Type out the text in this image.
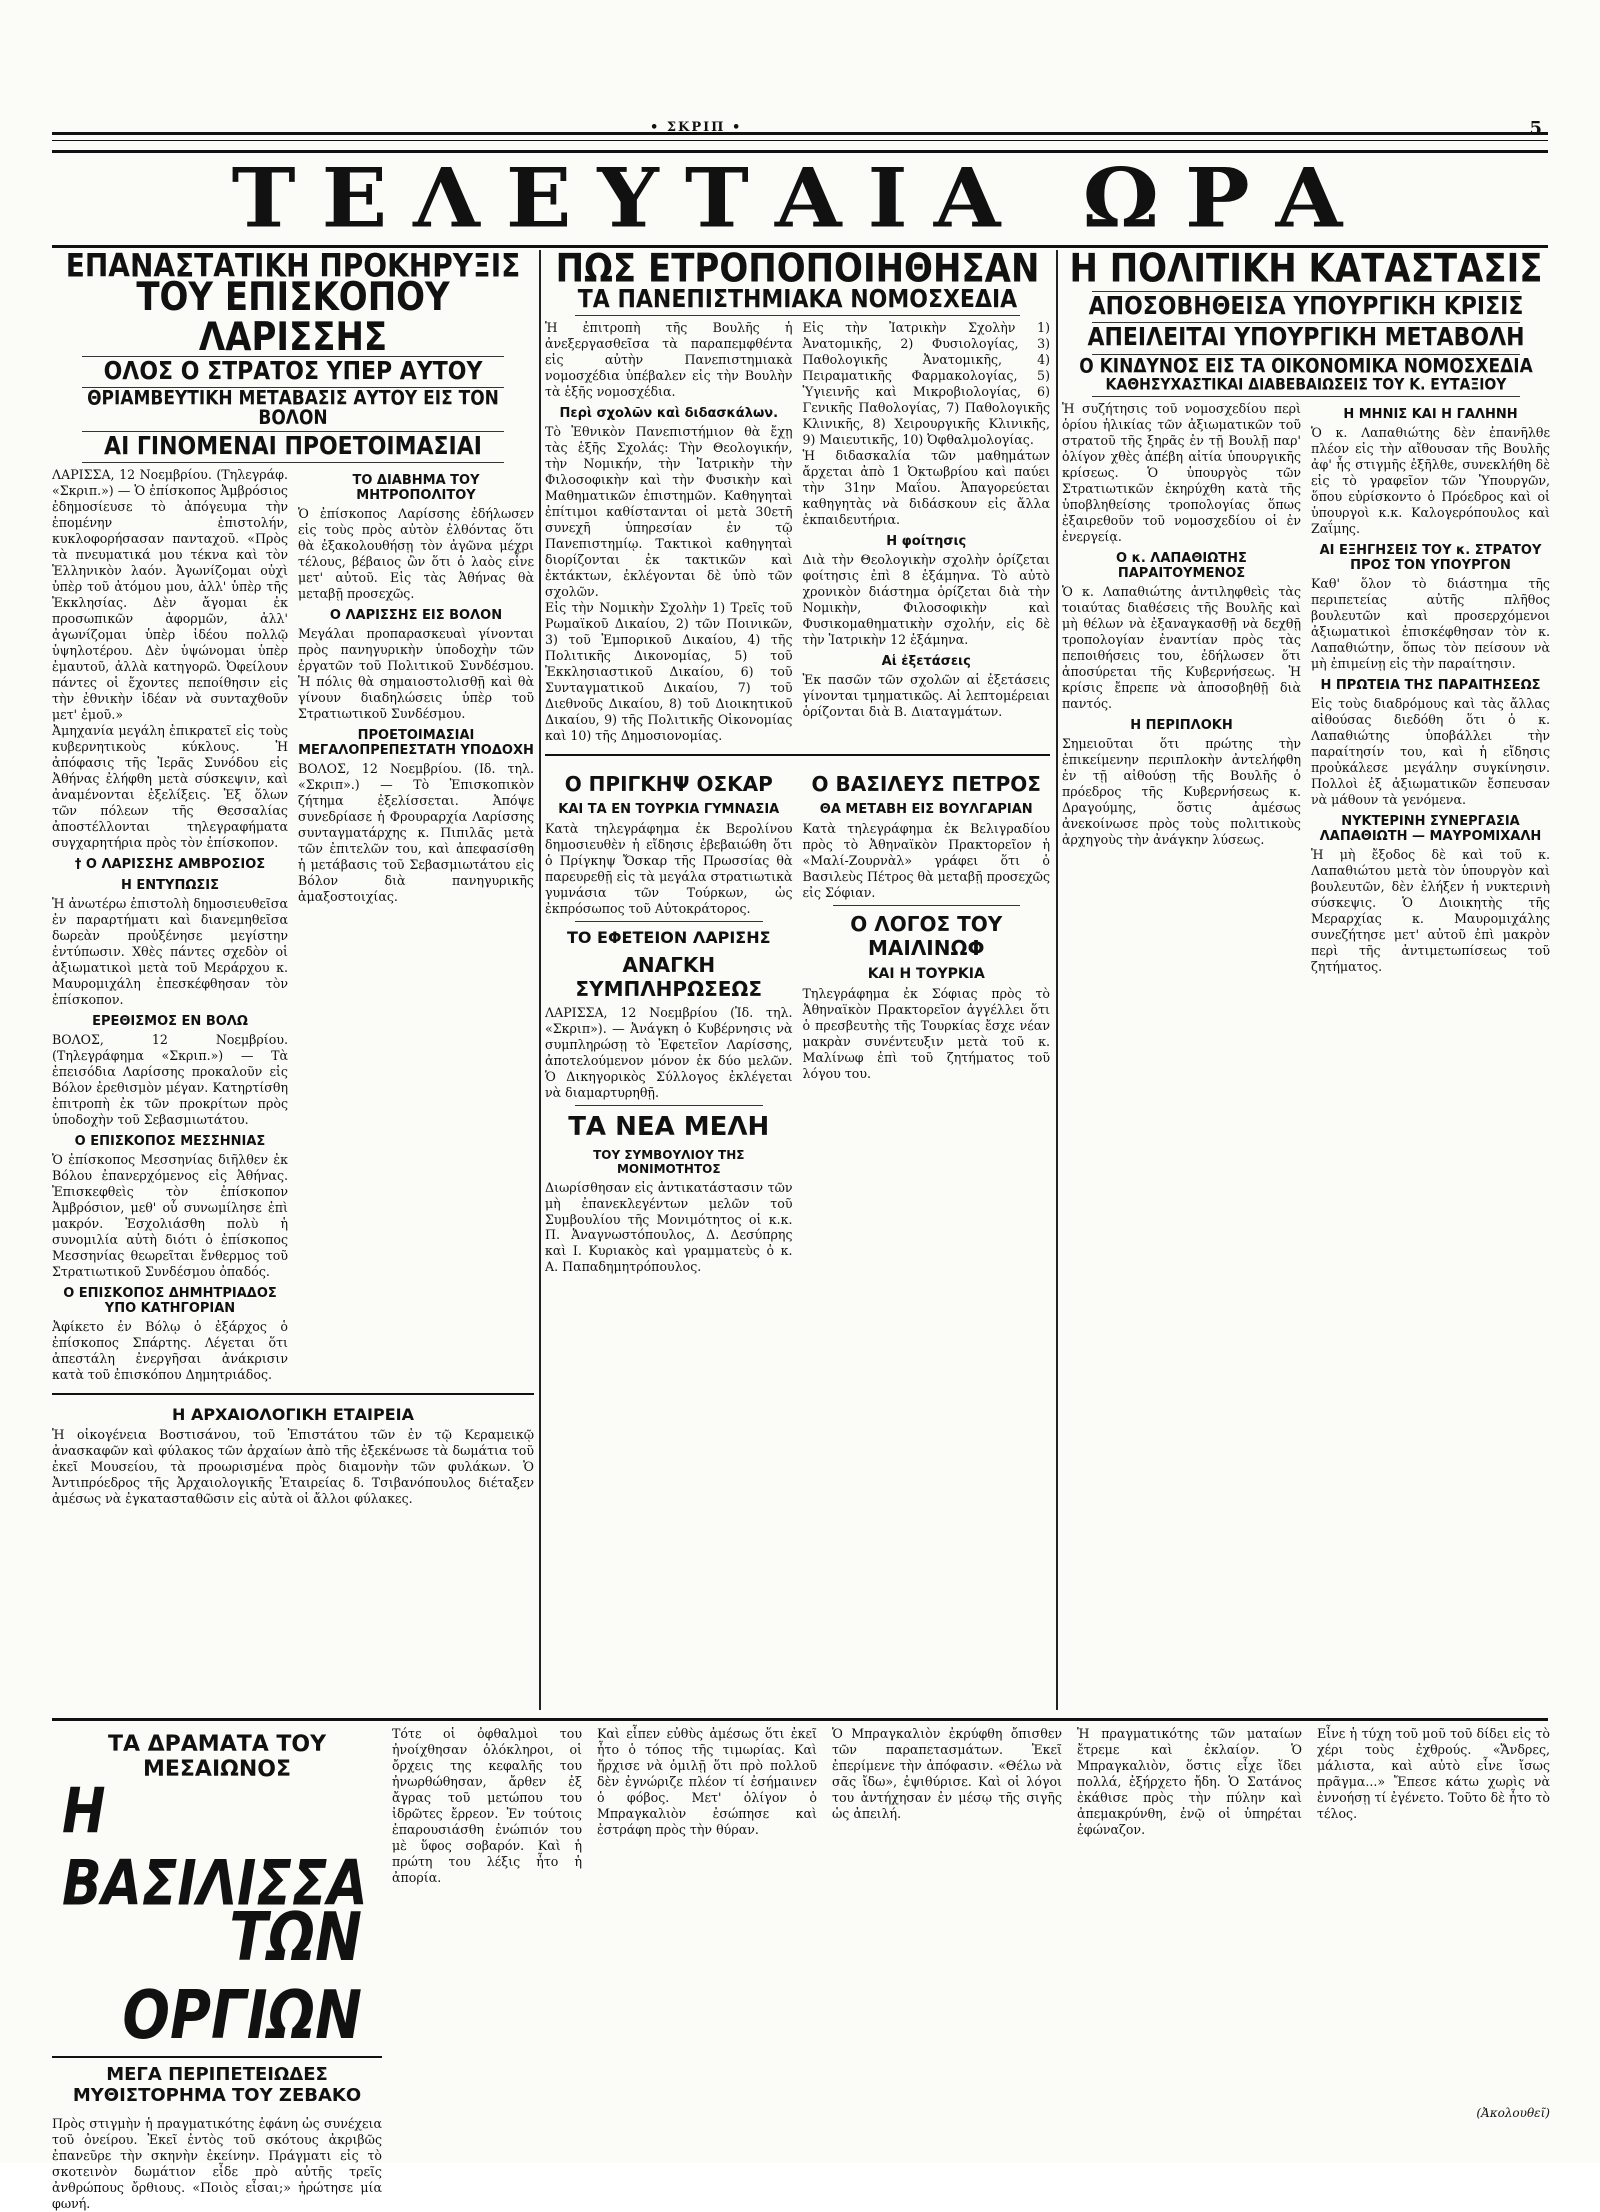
• ΣΚΡΙΠ •	5
ΤΕΛΕΥΤΑΙΑ ΩΡΑ
ΕΠΑΝΑΣΤΑΤΙΚΗ ΠΡΟΚΗΡΥΞΙΣ
ΤΟΥ ΕΠΙΣΚΟΠΟΥ ΛΑΡΙΣΣΗΣ
ΟΛΟΣ Ο ΣΤΡΑΤΟΣ ΥΠΕΡ ΑΥΤΟΥ
ΘΡΙΑΜΒΕΥΤΙΚΗ ΜΕΤΑΒΑΣΙΣ ΑΥΤΟΥ ΕΙΣ ΤΟΝ ΒΟΛΟΝ
ΑΙ ΓΙΝΟΜΕΝΑΙ ΠΡΟΕΤΟΙΜΑΣΙΑΙ

ΛΑΡΙΣΣΑ, 12 Νοεμβρίου. (Τηλεγράφ. «Σκριπ.») — Ὁ ἐπίσκοπος Ἀμβρόσιος ἐδημοσίευσε τὸ ἀπόγευμα τὴν ἑπομένην ἐπιστολήν, κυκλοφορήσασαν πανταχοῦ. «Πρὸς τὰ πνευματικά μου τέκνα καὶ τὸν Ἑλληνικὸν λαόν. Ἀγωνίζομαι οὐχὶ ὑπὲρ τοῦ ἀτόμου μου, ἀλλ' ὑπὲρ τῆς Ἐκκλησίας. Δὲν ἄγομαι ἐκ προσωπικῶν ἀφορμῶν, ἀλλ' ἀγωνίζομαι ὑπὲρ ἰδέου πολλῷ ὑψηλοτέρου. Δὲν ὑψώνομαι ὑπὲρ ἐμαυτοῦ, ἀλλὰ κατηγορῶ. Ὀφείλουν πάντες οἱ ἔχοντες πεποίθησιν εἰς τὴν ἐθνικὴν ἰδέαν νὰ συνταχθοῦν μετ' ἐμοῦ.»

Ἀμηχανία μεγάλη ἐπικρατεῖ εἰς τοὺς κυβερνητικοὺς κύκλους. Ἡ ἀπόφασις τῆς Ἱερᾶς Συνόδου εἰς Ἀθήνας ἐλήφθη μετὰ σύσκεψιν, καὶ ἀναμένονται ἐξελίξεις. Ἐξ ὅλων τῶν πόλεων τῆς Θεσσαλίας ἀποστέλλονται τηλεγραφήματα συγχαρητήρια πρὸς τὸν ἐπίσκοπον.

† Ο ΛΑΡΙΣΣΗΣ ΑΜΒΡΟΣΙΟΣ
Η ΕΝΤΥΠΩΣΙΣ

Ἡ ἀνωτέρω ἐπιστολὴ δημοσιευθεῖσα ἐν παραρτήματι καὶ διανεμηθεῖσα δωρεὰν προὐξένησε μεγίστην ἐντύπωσιν. Χθὲς πάντες σχεδὸν οἱ ἀξιωματικοὶ μετὰ τοῦ Μεράρχου κ. Μαυρομιχάλη ἐπεσκέφθησαν τὸν ἐπίσκοπον.

ΕΡΕΘΙΣΜΟΣ ΕΝ ΒΟΛΩ

ΒΟΛΟΣ, 12 Νοεμβρίου. (Τηλεγράφημα «Σκριπ.») — Τὰ ἐπεισόδια Λαρίσσης προκαλοῦν εἰς Βόλον ἐρεθισμὸν μέγαν. Κατηρτίσθη ἐπιτροπὴ ἐκ τῶν προκρίτων πρὸς ὑποδοχὴν τοῦ Σεβασμιωτάτου.

Ο ΕΠΙΣΚΟΠΟΣ ΜΕΣΣΗΝΙΑΣ

Ὁ ἐπίσκοπος Μεσσηνίας διῆλθεν ἐκ Βόλου ἐπανερχόμενος εἰς Ἀθήνας. Ἐπισκεφθεὶς τὸν ἐπίσκοπον Ἀμβρόσιον, μεθ' οὗ συνωμίλησε ἐπὶ μακρόν. Ἐσχολιάσθη πολὺ ἡ συνομιλία αὐτὴ διότι ὁ ἐπίσκοπος Μεσσηνίας θεωρεῖται ἔνθερμος τοῦ Στρατιωτικοῦ Συνδέσμου ὀπαδός.

Ο ΕΠΙΣΚΟΠΟΣ ΔΗΜΗΤΡΙΑΔΟΣ ΥΠΟ ΚΑΤΗΓΟΡΙΑΝ

Ἀφίκετο ἐν Βόλῳ ὁ ἐξάρχος ὁ ἐπίσκοπος Σπάρτης. Λέγεται ὅτι ἀπεστάλη ἐνεργῆσαι ἀνάκρισιν κατὰ τοῦ ἐπισκόπου Δημητριάδος.

ΤΟ ΔΙΑΒΗΜΑ ΤΟΥ ΜΗΤΡΟΠΟΛΙΤΟΥ

Ὁ ἐπίσκοπος Λαρίσσης ἐδήλωσεν εἰς τοὺς πρὸς αὐτὸν ἐλθόντας ὅτι θὰ ἐξακολουθήσῃ τὸν ἀγῶνα μέχρι τέλους, βέβαιος ὢν ὅτι ὁ λαὸς εἶνε μετ' αὐτοῦ. Εἰς τὰς Ἀθήνας θὰ μεταβῇ προσεχῶς.

Ο ΛΑΡΙΣΣΗΣ ΕΙΣ ΒΟΛΟΝ

Μεγάλαι προπαρασκευαὶ γίνονται πρὸς πανηγυρικὴν ὑποδοχὴν τῶν ἐργατῶν τοῦ Πολιτικοῦ Συνδέσμου. Ἡ πόλις θὰ σημαιοστολισθῇ καὶ θὰ γίνουν διαδηλώσεις ὑπὲρ τοῦ Στρατιωτικοῦ Συνδέσμου.

ΠΡΟΕΤΟΙΜΑΣΙΑΙ ΜΕΓΑΛΟΠΡΕΠΕΣΤΑΤΗ ΥΠΟΔΟΧΗ

ΒΟΛΟΣ, 12 Νοεμβρίου. (Ιδ. τηλ. «Σκριπ».) — Τὸ Ἐπισκοπικὸν ζήτημα ἐξελίσσεται. Ἀπόψε συνεδρίασε ἡ Φρουραρχία Λαρίσσης συνταγματάρχης κ. Πιπιλᾶς μετὰ τῶν ἐπιτελῶν του, καὶ ἀπεφασίσθη ἡ μετάβασις τοῦ Σεβασμιωτάτου εἰς Βόλον διὰ πανηγυρικῆς ἀμαξοστοιχίας.

Η ΑΡΧΑΙΟΛΟΓΙΚΗ ΕΤΑΙΡΕΙΑ

Ἡ οἰκογένεια Βοστισάνου, τοῦ Ἐπιστάτου τῶν ἐν τῷ Κεραμεικῷ ἀνασκαφῶν καὶ φύλακος τῶν ἀρχαίων ἀπὸ τῆς ἐξεκένωσε τὰ δωμάτια τοῦ ἐκεῖ Μουσείου, τὰ προωρισμένα πρὸς διαμονὴν τῶν φυλάκων. Ὁ Ἀντιπρόεδρος τῆς Ἀρχαιολογικῆς Ἑταιρείας δ. Τσιβανόπουλος διέταξεν ἀμέσως νὰ ἐγκατασταθῶσιν εἰς αὐτὰ οἱ ἄλλοι φύλακες.

ΠΩΣ ΕΤΡΟΠΟΠΟΙΗΘΗΣΑΝ
ΤΑ ΠΑΝΕΠΙΣΤΗΜΙΑΚΑ ΝΟΜΟΣΧΕΔΙΑ

Ἡ ἐπιτροπὴ τῆς Βουλῆς ἡ ἀνεξεργασθεῖσα τὰ παραπεμφθέντα εἰς αὐτὴν Πανεπιστημιακὰ νομοσχέδια ὑπέβαλεν εἰς τὴν Βουλὴν τὰ ἑξῆς νομοσχέδια.

Περὶ σχολῶν καὶ διδασκάλων.

Τὸ Ἐθνικὸν Πανεπιστήμιον θὰ ἔχῃ τὰς ἑξῆς Σχολάς: Τὴν Θεολογικήν, τὴν Νομικήν, τὴν Ἰατρικὴν τὴν Φιλοσοφικὴν καὶ τὴν Φυσικὴν καὶ Μαθηματικῶν ἐπιστημῶν. Καθηγηταὶ ἐπίτιμοι καθίστανται οἱ μετὰ 30ετῆ συνεχῆ ὑπηρεσίαν ἐν τῷ Πανεπιστημίῳ. Τακτικοὶ καθηγηταὶ διορίζονται ἐκ τακτικῶν καὶ ἐκτάκτων, ἐκλέγονται δὲ ὑπὸ τῶν σχολῶν.

Εἰς τὴν Νομικὴν Σχολὴν 1) Τρεῖς τοῦ Ρωμαϊκοῦ Δικαίου, 2) τῶν Ποινικῶν, 3) τοῦ Ἐμπορικοῦ Δικαίου, 4) τῆς Πολιτικῆς Δικονομίας, 5) τοῦ Ἐκκλησιαστικοῦ Δικαίου, 6) τοῦ Συνταγματικοῦ Δικαίου, 7) τοῦ Διεθνοῦς Δικαίου, 8) τοῦ Διοικητικοῦ Δικαίου, 9) τῆς Πολιτικῆς Οἰκονομίας καὶ 10) τῆς Δημοσιονομίας.

Εἰς τὴν Ἰατρικὴν Σχολὴν 1) Ἀνατομικῆς, 2) Φυσιολογίας, 3) Παθολογικῆς Ἀνατομικῆς, 4) Πειραματικῆς Φαρμακολογίας, 5) Ὑγιεινῆς καὶ Μικροβιολογίας, 6) Γενικῆς Παθολογίας, 7) Παθολογικῆς Κλινικῆς, 8) Χειρουργικῆς Κλινικῆς, 9) Μαιευτικῆς, 10) Ὀφθαλμολογίας.

Ἡ διδασκαλία τῶν μαθημάτων ἄρχεται ἀπὸ 1 Ὀκτωβρίου καὶ παύει τὴν 31ην Μαΐου. Ἀπαγορεύεται καθηγητὰς νὰ διδάσκουν εἰς ἄλλα ἐκπαιδευτήρια.

Η φοίτησις

Διὰ τὴν Θεολογικὴν σχολὴν ὁρίζεται φοίτησις ἐπὶ 8 ἑξάμηνα. Τὸ αὐτὸ χρονικὸν διάστημα ὁρίζεται διὰ τὴν Νομικὴν, Φιλοσοφικὴν καὶ Φυσικομαθηματικὴν σχολήν, εἰς δὲ τὴν Ἰατρικὴν 12 ἑξάμηνα.

Αἱ ἐξετάσεις

Ἐκ πασῶν τῶν σχολῶν αἱ ἐξετάσεις γίνονται τμηματικῶς. Αἱ λεπτομέρειαι ὁρίζονται διὰ Β. Διαταγμάτων.

Ο ΠΡΙΓΚΗΨ ΟΣΚΑΡ
ΚΑΙ ΤΑ ΕΝ ΤΟΥΡΚΙΑ ΓΥΜΝΑΣΙΑ

Κατὰ τηλεγράφημα ἐκ Βερολίνου δημοσιευθὲν ἡ εἴδησις ἐβεβαιώθη ὅτι ὁ Πρίγκηψ Ὄσκαρ τῆς Πρωσσίας θὰ παρευρεθῇ εἰς τὰ μεγάλα στρατιωτικὰ γυμνάσια τῶν Τούρκων, ὡς ἐκπρόσωπος τοῦ Αὐτοκράτορος.

ΤΟ ΕΦΕΤΕΙΟΝ ΛΑΡΙΣΗΣ
ΑΝΑΓΚΗ ΣΥΜΠΛΗΡΩΣΕΩΣ

ΛΑΡΙΣΣΑ, 12 Νοεμβρίου (Ἰδ. τηλ. «Σκριπ»). — Ἀνάγκη ὁ Κυβέρνησις νὰ συμπληρώσῃ τὸ Ἐφετεῖον Λαρίσσης, ἀποτελούμενον μόνον ἐκ δύο μελῶν. Ὁ Δικηγορικὸς Σύλλογος ἐκλέγεται νὰ διαμαρτυρηθῇ.

ΤΑ ΝΕΑ ΜΕΛΗ
ΤΟΥ ΣΥΜΒΟΥΛΙΟΥ ΤΗΣ ΜΟΝΙΜΟΤΗΤΟΣ

Διωρίσθησαν εἰς ἀντικατάστασιν τῶν μὴ ἐπανεκλεγέντων μελῶν τοῦ Συμβουλίου τῆς Μονιμότητος οἱ κ.κ. Π. Ἀναγνωστόπουλος, Δ. Δεσύπρης καὶ Ι. Κυριακὸς καὶ γραμματεὺς ὁ κ. Α. Παπαδημητρόπουλος.

Ο ΒΑΣΙΛΕΥΣ ΠΕΤΡΟΣ
ΘΑ ΜΕΤΑΒΗ ΕΙΣ ΒΟΥΛΓΑΡΙΑΝ

Κατὰ τηλεγράφημα ἐκ Βελιγραδίου πρὸς τὸ Ἀθηναϊκὸν Πρακτορεῖον ἡ «Μαλί-Ζουρνὰλ» γράφει ὅτι ὁ Βασιλεὺς Πέτρος θὰ μεταβῇ προσεχῶς εἰς Σόφιαν.

Ο ΛΟΓΟΣ ΤΟΥ ΜΑΙΛΙΝΩΦ
ΚΑΙ Η ΤΟΥΡΚΙΑ

Τηλεγράφημα ἐκ Σόφιας πρὸς τὸ Ἀθηναϊκὸν Πρακτορεῖον ἀγγέλλει ὅτι ὁ πρεσβευτὴς τῆς Τουρκίας ἔσχε νέαν μακρὰν συνέντευξιν μετὰ τοῦ κ. Μαλίνωφ ἐπὶ τοῦ ζητήματος τοῦ λόγου του.

Η ΠΟΛΙΤΙΚΗ ΚΑΤΑΣΤΑΣΙΣ
ΑΠΟΣΟΒΗΘΕΙΣΑ ΥΠΟΥΡΓΙΚΗ ΚΡΙΣΙΣ
ΑΠΕΙΛΕΙΤΑΙ ΥΠΟΥΡΓΙΚΗ ΜΕΤΑΒΟΛΗ
Ο ΚΙΝΔΥΝΟΣ ΕΙΣ ΤΑ ΟΙΚΟΝΟΜΙΚΑ ΝΟΜΟΣΧΕΔΙΑ
ΚΑΘΗΣΥΧΑΣΤΙΚΑΙ ΔΙΑΒΕΒΑΙΩΣΕΙΣ ΤΟΥ Κ. ΕΥΤΑΞΙΟΥ

Ἡ συζήτησις τοῦ νομοσχεδίου περὶ ὁρίου ἡλικίας τῶν ἀξιωματικῶν τοῦ στρατοῦ τῆς ξηρᾶς ἐν τῇ Βουλῇ παρ' ὀλίγον χθὲς ἀπέβη αἰτία ὑπουργικῆς κρίσεως. Ὁ ὑπουργὸς τῶν Στρατιωτικῶν ἐκηρύχθη κατὰ τῆς ὑποβληθείσης τροπολογίας ὅπως ἐξαιρεθοῦν τοῦ νομοσχεδίου οἱ ἐν ἐνεργείᾳ.

Ο κ. ΛΑΠΑΘΙΩΤΗΣ ΠΑΡΑΙΤΟΥΜΕΝΟΣ

Ὁ κ. Λαπαθιώτης ἀντιληφθεὶς τὰς τοιαύτας διαθέσεις τῆς Βουλῆς καὶ μὴ θέλων νὰ ἐξαναγκασθῇ νὰ δεχθῇ τροπολογίαν ἐναντίαν πρὸς τὰς πεποιθήσεις του, ἐδήλωσεν ὅτι ἀποσύρεται τῆς Κυβερνήσεως. Ἡ κρίσις ἔπρεπε νὰ ἀποσοβηθῇ διὰ παντός.

Η ΠΕΡΙΠΛΟΚΗ

Σημειοῦται ὅτι πρώτης τὴν ἐπικείμενην περιπλοκὴν ἀντελήφθη ἐν τῇ αἰθούσῃ τῆς Βουλῆς ὁ πρόεδρος τῆς Κυβερνήσεως κ. Δραγούμης, ὅστις ἀμέσως ἀνεκοίνωσε πρὸς τοὺς πολιτικοὺς ἀρχηγοὺς τὴν ἀνάγκην λύσεως.

Η ΜΗΝΙΣ ΚΑΙ Η ΓΑΛΗΝΗ

Ὁ κ. Λαπαθιώτης δὲν ἐπανῆλθε πλέον εἰς τὴν αἴθουσαν τῆς Βουλῆς ἀφ' ἧς στιγμῆς ἐξῆλθε, συνεκλήθη δὲ εἰς τὸ γραφεῖον τῶν Ὑπουργῶν, ὅπου εὑρίσκοντο ὁ Πρόεδρος καὶ οἱ ὑπουργοὶ κ.κ. Καλογερόπουλος καὶ Ζαΐμης.

ΑΙ ΕΞΗΓΗΣΕΙΣ ΤΟΥ κ. ΣΤΡΑΤΟΥ ΠΡΟΣ ΤΟΝ ΥΠΟΥΡΓΟΝ

Καθ' ὅλον τὸ διάστημα τῆς περιπετείας αὐτῆς πλῆθος βουλευτῶν καὶ προσερχόμενοι ἀξιωματικοὶ ἐπισκέφθησαν τὸν κ. Λαπαθιώτην, ὅπως τὸν πείσουν νὰ μὴ ἐπιμείνῃ εἰς τὴν παραίτησιν.

Η ΠΡΩΤΕΙΑ ΤΗΣ ΠΑΡΑΙΤΗΣΕΩΣ

Εἰς τοὺς διαδρόμους καὶ τὰς ἄλλας αἰθούσας διεδόθη ὅτι ὁ κ. Λαπαθιώτης ὑποβάλλει τὴν παραίτησίν του, καὶ ἡ εἴδησις προὐκάλεσε μεγάλην συγκίνησιν. Πολλοὶ ἐξ ἀξιωματικῶν ἔσπευσαν νὰ μάθουν τὰ γενόμενα.

ΝΥΚΤΕΡΙΝΗ ΣΥΝΕΡΓΑΣΙΑ ΛΑΠΑΘΙΩΤΗ — ΜΑΥΡΟΜΙΧΑΛΗ

Ἡ μὴ ἔξοδος δὲ καὶ τοῦ κ. Λαπαθιώτου μετὰ τὸν ὑπουργὸν καὶ βουλευτῶν, δὲν ἐλήξεν ἡ νυκτερινὴ σύσκεψις. Ὁ Διοικητὴς τῆς Μεραρχίας κ. Μαυρομιχάλης συνεζήτησε μετ' αὐτοῦ ἐπὶ μακρὸν περὶ τῆς ἀντιμετωπίσεως τοῦ ζητήματος.

ΤΑ ΔΡΑΜΑΤΑ ΤΟΥ ΜΕΣΑΙΩΝΟΣ
Η ΒΑΣΙΛΙΣΣΑ
ΤΩΝ ΟΡΓΙΩΝ
ΜΕΓΑ ΠΕΡΙΠΕΤΕΙΩΔΕΣ ΜΥΘΙΣΤΟΡΗΜΑ ΤΟΥ ΖΕΒΑΚΟ

Πρὸς στιγμὴν ἡ πραγματικότης ἐφάνη ὡς συνέχεια τοῦ ὀνείρου. Ἐκεῖ ἐντὸς τοῦ σκότους ἀκριβῶς ἐπανεῦρε τὴν σκηνὴν ἐκείνην. Πράγματι εἰς τὸ σκοτεινὸν δωμάτιον εἶδε πρὸ αὐτῆς τρεῖς ἀνθρώπους ὄρθιους. «Ποιὸς εἶσαι;» ἠρώτησε μία φωνή.

Τότε οἱ ὀφθαλμοὶ του ἠνοίχθησαν ὁλόκληροι, οἱ ὄρχεις της κεφαλῆς του ἠνωρθώθησαν, ἄρθεν ἐξ ἄγρας τοῦ μετώπου του ἰδρῶτες ἔρρεον. Ἐν τούτοις ἐπαρουσιάσθη ἐνώπιόν του μὲ ὕφος σοβαρόν. Καὶ ἡ πρώτη του λέξις ἦτο ἡ ἀπορία.

Καὶ εἶπεν εὐθὺς ἀμέσως ὅτι ἐκεῖ ἦτο ὁ τόπος τῆς τιμωρίας. Καὶ ἤρχισε νὰ ὁμιλῇ ὅτι πρὸ πολλοῦ δὲν ἐγνώριζε πλέον τί ἐσήμαινεν ὁ φόβος. Μετ' ὀλίγον ὁ Μπραγκαλιὸν ἐσώπησε καὶ ἐστράφη πρὸς τὴν θύραν.

Ὁ Μπραγκαλιὸν ἐκρύφθη ὄπισθεν τῶν παραπετασμάτων. Ἐκεῖ ἐπερίμενε τὴν ἀπόφασιν. «Θέλω νὰ σᾶς ἴδω», ἐψιθύρισε. Καὶ οἱ λόγοι του ἀντήχησαν ἐν μέσῳ τῆς σιγῆς ὡς ἀπειλή.

Ἡ πραγματικότης τῶν ματαίων ἔτρεμε καὶ ἐκλαίον. Ὁ Μπραγκαλιὸν, ὅστις εἶχε ἴδει πολλά, ἐξήρχετο ἤδη. Ὁ Σατάνος ἐκάθισε πρὸς τὴν πύλην καὶ ἀπεμακρύνθη, ἐνῷ οἱ ὑπηρέται ἐφώναζον.

Εἶνε ἡ τύχη τοῦ μοῦ τοῦ δίδει εἰς τὸ χέρι τοὺς ἐχθρούς. «Ἄνδρες, μάλιστα, καὶ αὐτὸ εἶνε ἴσως πρᾶγμα...» Ἔπεσε κάτω χωρὶς νὰ ἐννοήσῃ τί ἐγένετο. Τοῦτο δὲ ἦτο τὸ τέλος.

(Ἀκολουθεῖ)
